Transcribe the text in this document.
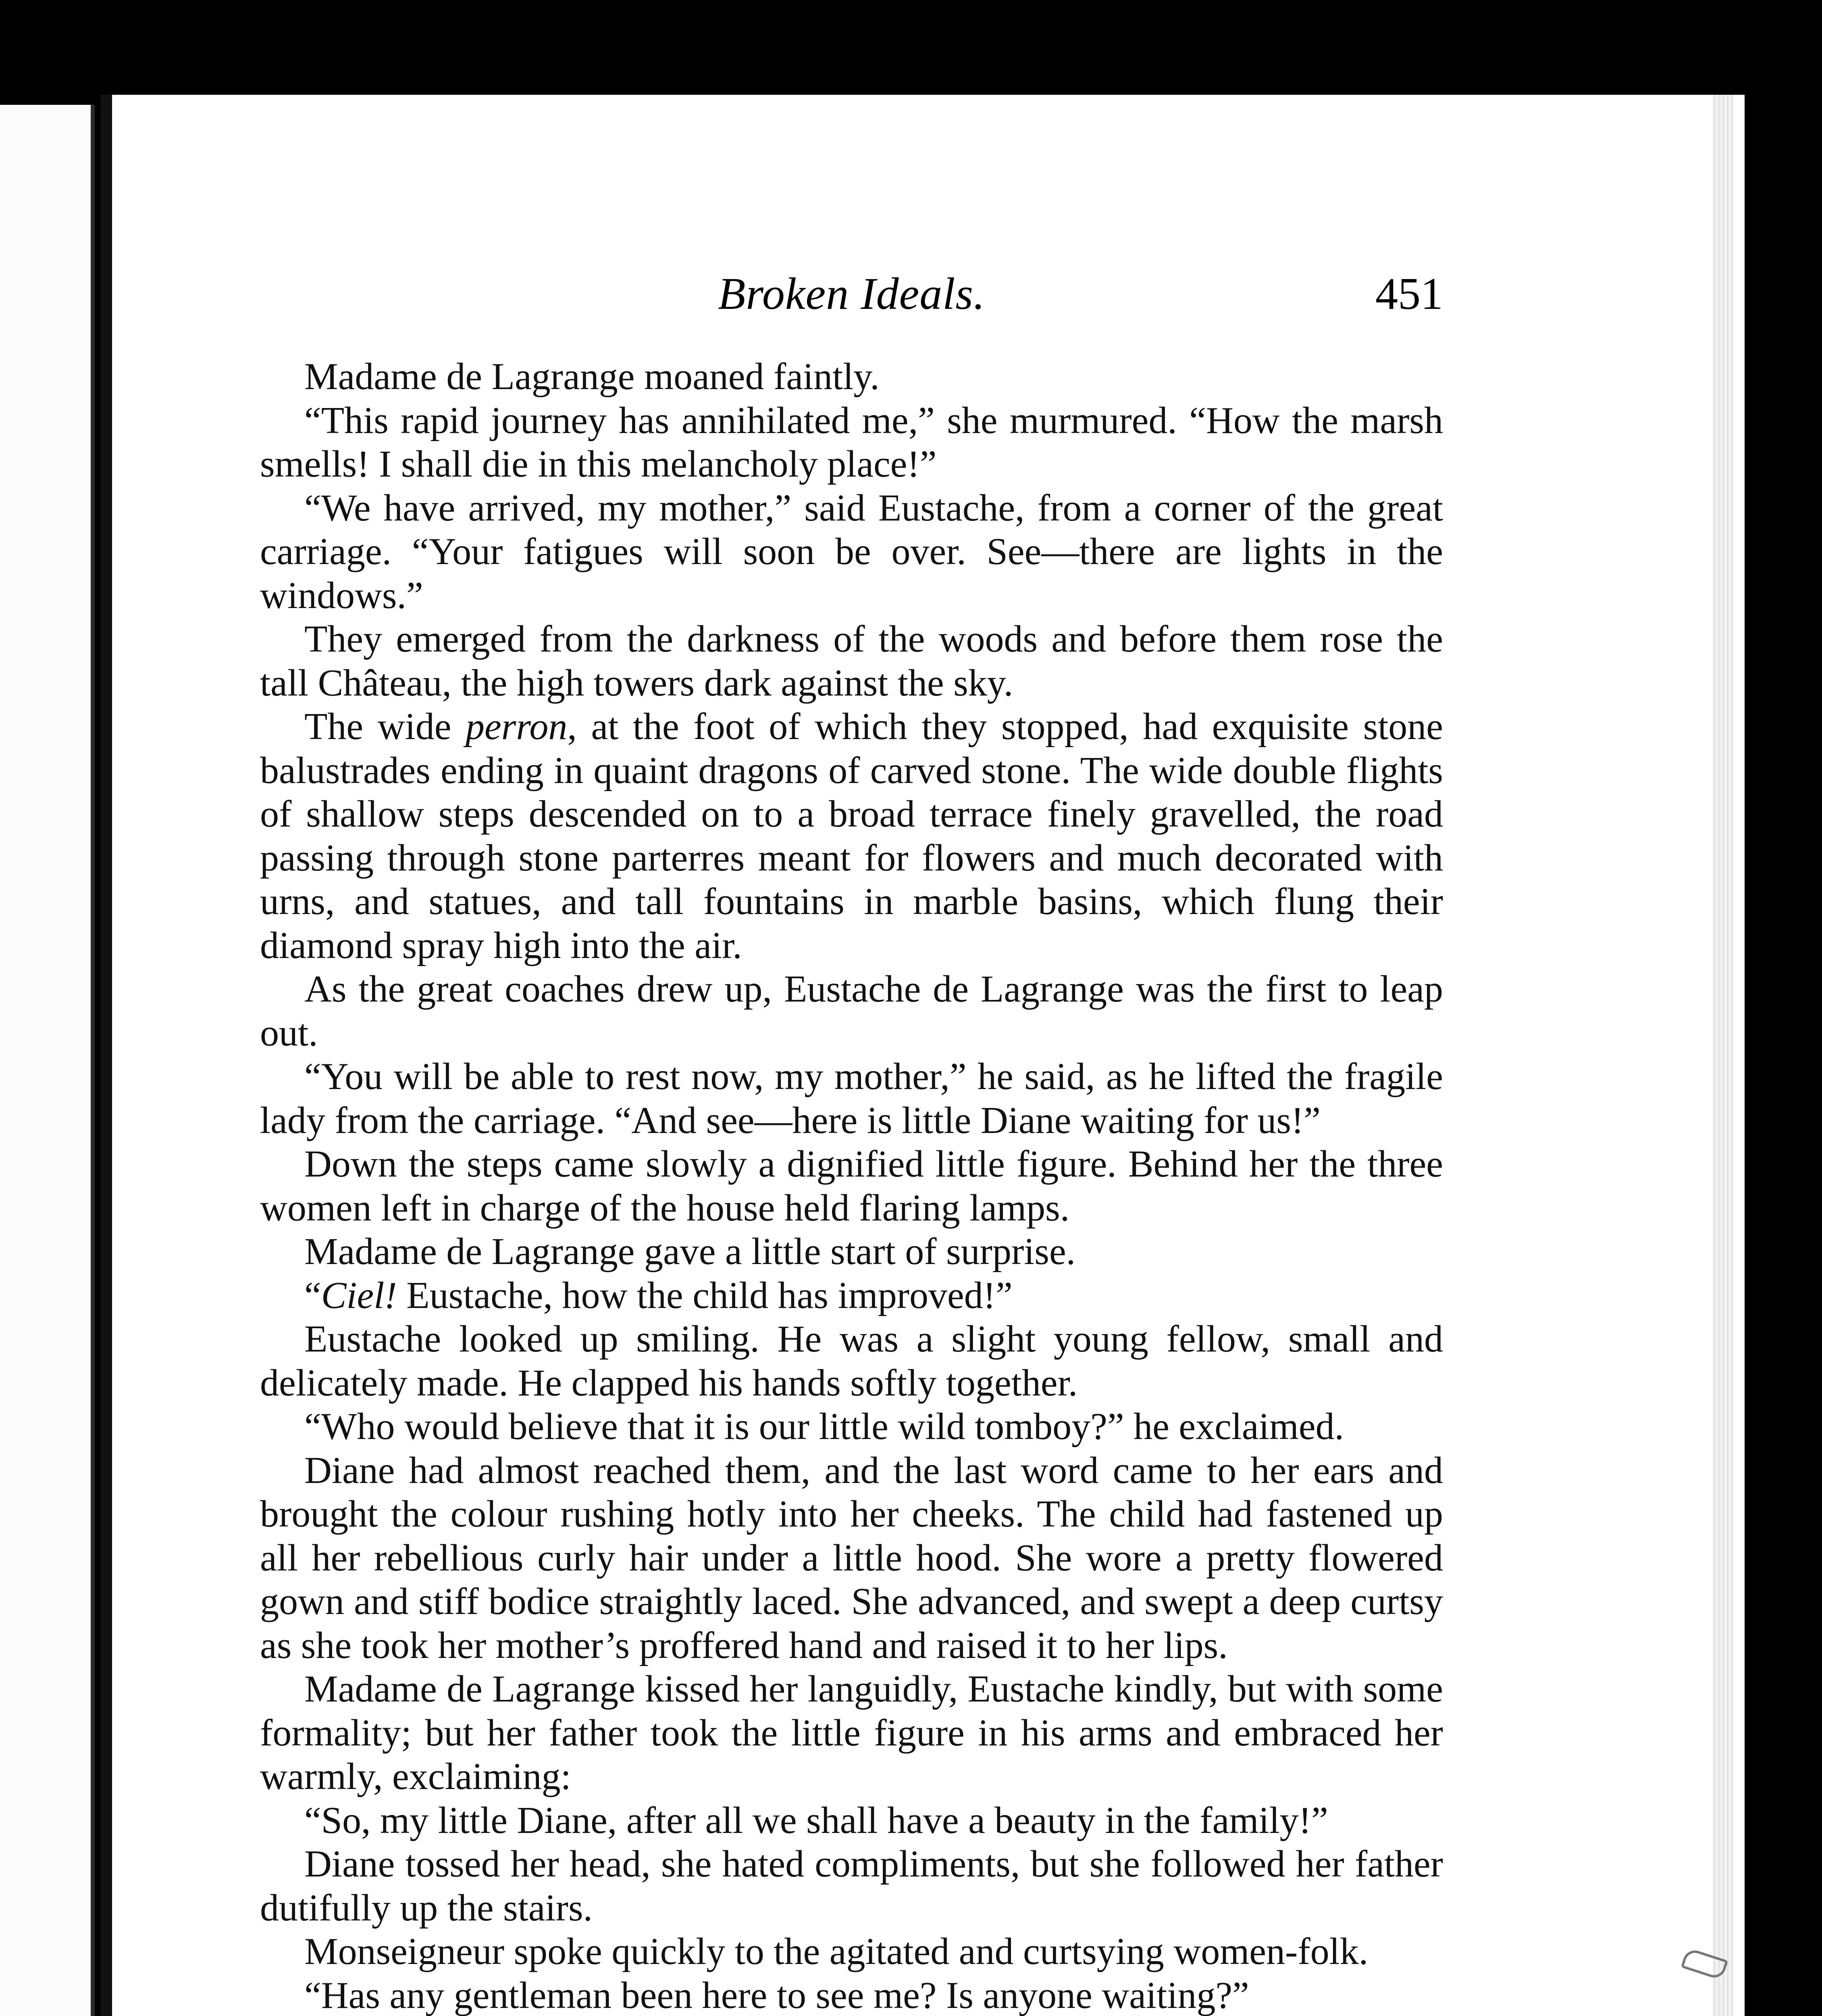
Broken Ideals.	451

Madame de Lagrange moaned faintly.

“This rapid journey has annihilated me,” she murmured. “How the marsh smells! I shall die in this melancholy place!”

“We have arrived, my mother,” said Eustache, from a corner of the great carriage. “Your fatigues will soon be over. See—there are lights in the windows.”

They emerged from the darkness of the woods and before them rose the tall Château, the high towers dark against the sky.

The wide perron, at the foot of which they stopped, had exquisite stone balustrades ending in quaint dragons of carved stone. The wide double flights of shallow steps descended on to a broad terrace finely gravelled, the road passing through stone parterres meant for flowers and much decorated with urns, and statues, and tall fountains in marble basins, which flung their diamond spray high into the air.

As the great coaches drew up, Eustache de Lagrange was the first to leap out.

“You will be able to rest now, my mother,” he said, as he lifted the fragile lady from the carriage. “And see—here is little Diane waiting for us!”

Down the steps came slowly a dignified little figure. Behind her the three women left in charge of the house held flaring lamps.

Madame de Lagrange gave a little start of surprise.

“Ciel! Eustache, how the child has improved!”

Eustache looked up smiling. He was a slight young fellow, small and delicately made. He clapped his hands softly together.

“Who would believe that it is our little wild tomboy?” he exclaimed.

Diane had almost reached them, and the last word came to her ears and brought the colour rushing hotly into her cheeks. The child had fastened up all her rebellious curly hair under a little hood. She wore a pretty flowered gown and stiff bodice straightly laced. She advanced, and swept a deep curtsy as she took her mother’s proffered hand and raised it to her lips.

Madame de Lagrange kissed her languidly, Eustache kindly, but with some formality; but her father took the little figure in his arms and embraced her warmly, exclaiming:

“So, my little Diane, after all we shall have a beauty in the family!”

Diane tossed her head, she hated compliments, but she followed her father dutifully up the stairs.

Monseigneur spoke quickly to the agitated and curtsying women-folk.

“Has any gentleman been here to see me? Is anyone waiting?”
